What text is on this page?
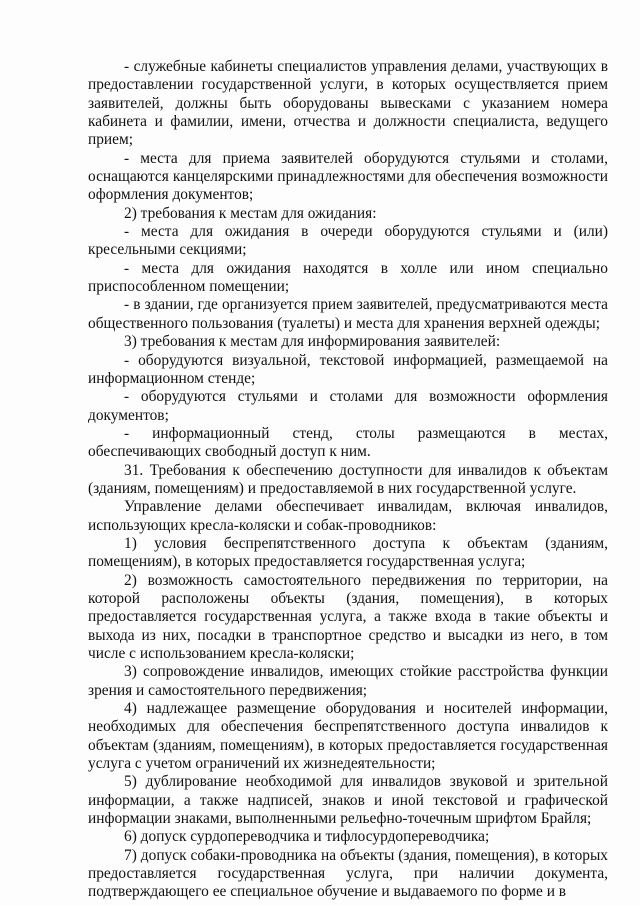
- служебные кабинеты специалистов управления делами, участвующих в предоставлении государственной услуги, в которых осуществляется прием заявителей, должны быть оборудованы вывесками с указанием номера кабинета и фамилии, имени, отчества и должности специалиста, ведущего прием;

- места для приема заявителей оборудуются стульями и столами, оснащаются канцелярскими принадлежностями для обеспечения возможности оформления документов;

2) требования к местам для ожидания:

- места для ожидания в очереди оборудуются стульями и (или) кресельными секциями;

- места для ожидания находятся в холле или ином специально приспособленном помещении;

- в здании, где организуется прием заявителей, предусматриваются места общественного пользования (туалеты) и места для хранения верхней одежды;

3) требования к местам для информирования заявителей:

- оборудуются визуальной, текстовой информацией, размещаемой на информационном стенде;

- оборудуются стульями и столами для возможности оформления документов;

- информационный стенд, столы размещаются в местах, обеспечивающих свободный доступ к ним.

31. Требования к обеспечению доступности для инвалидов к объектам (зданиям, помещениям) и предоставляемой в них государственной услуге.

Управление делами обеспечивает инвалидам, включая инвалидов, использующих кресла-коляски и собак-проводников:

1) условия беспрепятственного доступа к объектам (зданиям, помещениям), в которых предоставляется государственная услуга;

2) возможность самостоятельного передвижения по территории, на которой расположены объекты (здания, помещения), в которых предоставляется государственная услуга, а также входа в такие объекты и выхода из них, посадки в транспортное средство и высадки из него, в том числе с использованием кресла-коляски;

3) сопровождение инвалидов, имеющих стойкие расстройства функции зрения и самостоятельного передвижения;

4) надлежащее размещение оборудования и носителей информации, необходимых для обеспечения беспрепятственного доступа инвалидов к объектам (зданиям, помещениям), в которых предоставляется государственная услуга с учетом ограничений их жизнедеятельности;

5) дублирование необходимой для инвалидов звуковой и зрительной информации, а также надписей, знаков и иной текстовой и графической информации знаками, выполненными рельефно-точечным шрифтом Брайля;

6) допуск сурдопереводчика и тифлосурдопереводчика;

7) допуск собаки-проводника на объекты (здания, помещения), в которых предоставляется государственная услуга, при наличии документа, подтверждающего ее специальное обучение и выдаваемого по форме и в
